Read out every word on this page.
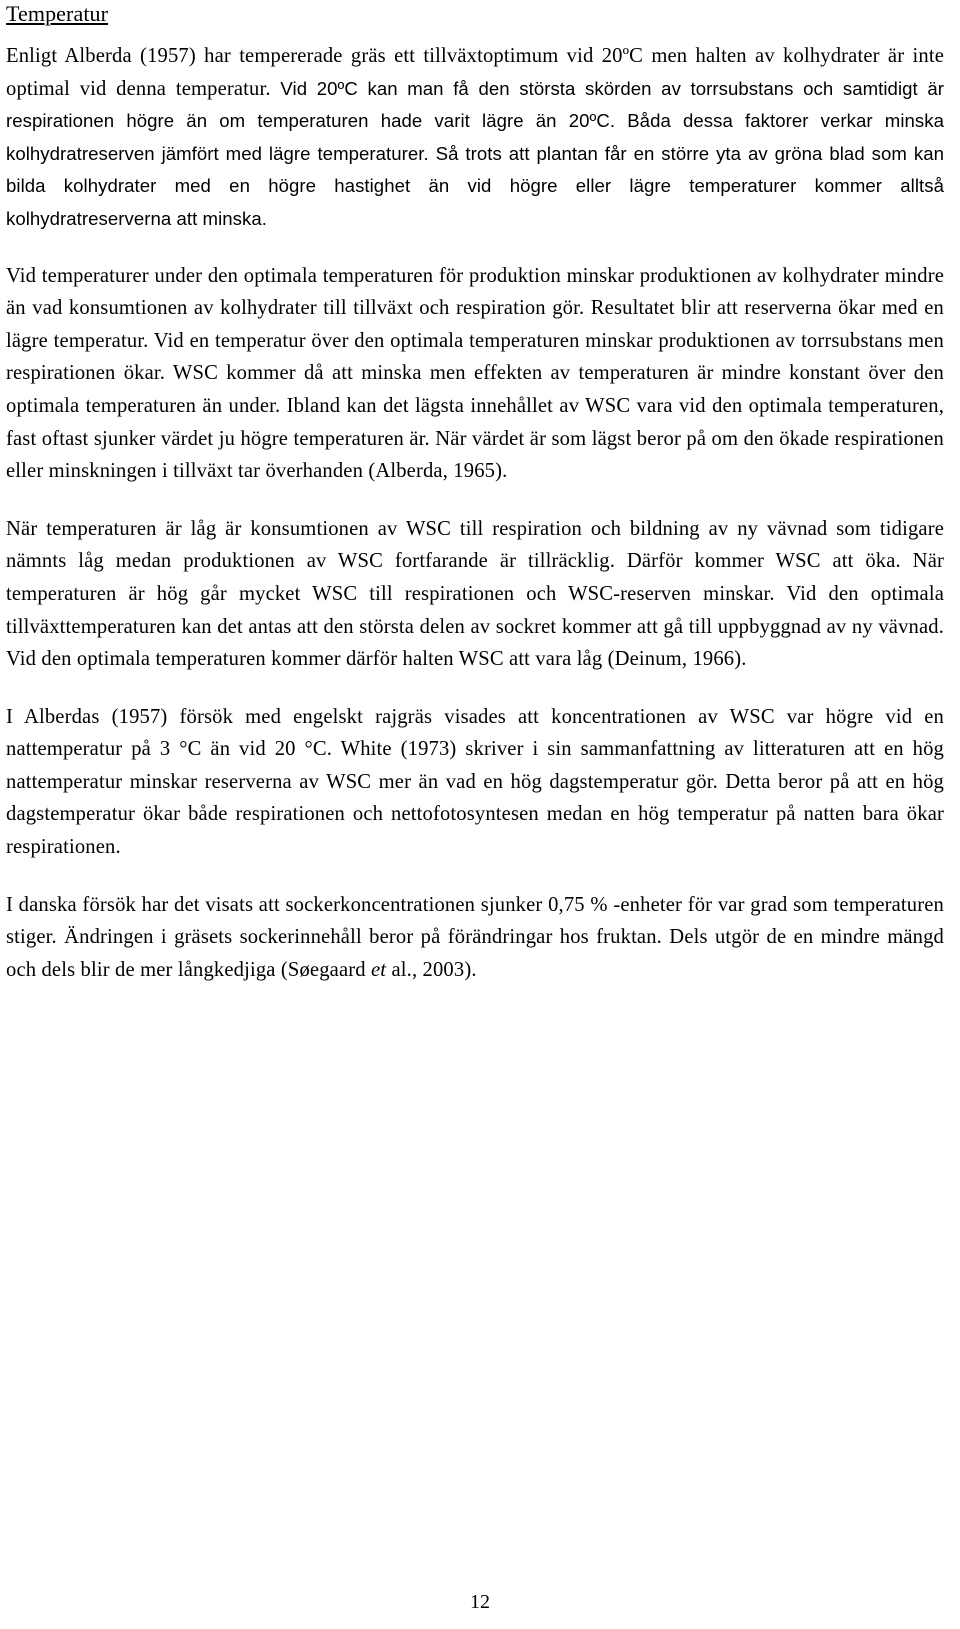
Temperatur

Enligt Alberda (1957) har tempererade gräs ett tillväxtoptimum vid 20ºC men halten av kolhydrater är inte optimal vid denna temperatur. Vid 20ºC kan man få den största skörden av torrsubstans och samtidigt är respirationen högre än om temperaturen hade varit lägre än 20ºC. Båda dessa faktorer verkar minska kolhydratreserven jämfört med lägre temperaturer. Så trots att plantan får en större yta av gröna blad som kan bilda kolhydrater med en högre hastighet än vid högre eller lägre temperaturer kommer alltså kolhydratreserverna att minska.

Vid temperaturer under den optimala temperaturen för produktion minskar produktionen av kolhydrater mindre än vad konsumtionen av kolhydrater till tillväxt och respiration gör. Resultatet blir att reserverna ökar med en lägre temperatur. Vid en temperatur över den optimala temperaturen minskar produktionen av torrsubstans men respirationen ökar. WSC kommer då att minska men effekten av temperaturen är mindre konstant över den optimala temperaturen än under. Ibland kan det lägsta innehållet av WSC vara vid den optimala temperaturen, fast oftast sjunker värdet ju högre temperaturen är. När värdet är som lägst beror på om den ökade respirationen eller minskningen i tillväxt tar överhanden (Alberda, 1965).

När temperaturen är låg är konsumtionen av WSC till respiration och bildning av ny vävnad som tidigare nämnts låg medan produktionen av WSC fortfarande är tillräcklig. Därför kommer WSC att öka. När temperaturen är hög går mycket WSC till respirationen och WSC-reserven minskar. Vid den optimala tillväxttemperaturen kan det antas att den största delen av sockret kommer att gå till uppbyggnad av ny vävnad. Vid den optimala temperaturen kommer därför halten WSC att vara låg (Deinum, 1966).

I Alberdas (1957) försök med engelskt rajgräs visades att koncentrationen av WSC var högre vid en nattemperatur på 3 °C än vid 20 °C. White (1973) skriver i sin sammanfattning av litteraturen att en hög nattemperatur minskar reserverna av WSC mer än vad en hög dagstemperatur gör. Detta beror på att en hög dagstemperatur ökar både respirationen och nettofotosyntesen medan en hög temperatur på natten bara ökar respirationen.

I danska försök har det visats att sockerkoncentrationen sjunker 0,75 % -enheter för var grad som temperaturen stiger. Ändringen i gräsets sockerinnehåll beror på förändringar hos fruktan. Dels utgör de en mindre mängd och dels blir de mer långkedjiga (Søegaard et al., 2003).

12
